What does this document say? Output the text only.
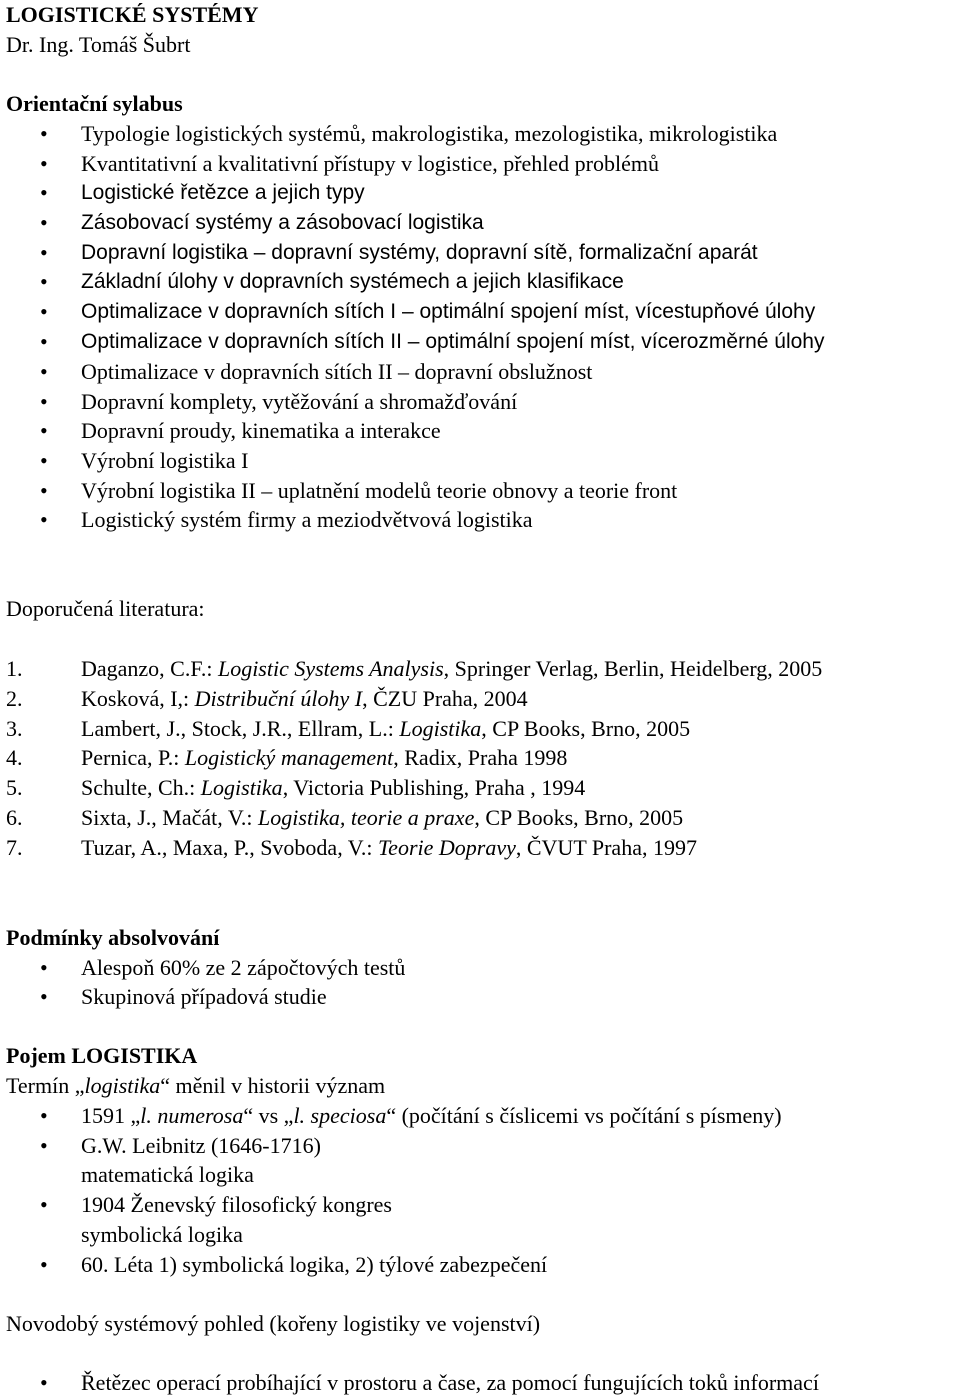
LOGISTICKÉ SYSTÉMY
Dr. Ing. Tomáš Šubrt
Orientační sylabus
• Typologie logistických systémů, makrologistika, mezologistika, mikrologistika
• Kvantitativní a kvalitativní přístupy v logistice, přehled problémů
• Logistické řetězce a jejich typy
• Zásobovací systémy a zásobovací logistika
• Dopravní logistika – dopravní systémy, dopravní sítě, formalizační aparát
• Základní úlohy v dopravních systémech a jejich klasifikace
• Optimalizace v dopravních sítích I – optimální spojení míst, vícestupňové úlohy
• Optimalizace v dopravních sítích II – optimální spojení míst, vícerozměrné úlohy
• Optimalizace v dopravních sítích II – dopravní obslužnost
• Dopravní komplety, vytěžování a shromažďování
• Dopravní proudy, kinematika a interakce
• Výrobní logistika I
• Výrobní logistika II – uplatnění modelů teorie obnovy a teorie front
• Logistický systém firmy a meziodvětvová logistika
Doporučená literatura:
1.	Daganzo, C.F.: Logistic Systems Analysis, Springer Verlag, Berlin, Heidelberg, 2005
2.	Kosková, I,: Distribuční úlohy I, ČZU Praha, 2004
3.	Lambert, J., Stock, J.R., Ellram, L.: Logistika, CP Books, Brno, 2005
4.	Pernica, P.: Logistický management, Radix, Praha 1998
5.	Schulte, Ch.: Logistika, Victoria Publishing, Praha , 1994
6.	Sixta, J., Mačát, V.: Logistika, teorie a praxe, CP Books, Brno, 2005
7.	Tuzar, A., Maxa, P., Svoboda, V.: Teorie Dopravy, ČVUT Praha, 1997
Podmínky absolvování
• Alespoň 60% ze 2 zápočtových testů
• Skupinová případová studie
Pojem LOGISTIKA
Termín „logistika“ měnil v historii význam
• 1591 „l. numerosa“ vs „l. speciosa“ (počítání s číslicemi vs počítání s písmeny)
• G.W. Leibnitz (1646-1716)
matematická logika
• 1904 Ženevský filosofický kongres
symbolická logika
• 60. Léta 1) symbolická logika, 2) týlové zabezpečení
Novodobý systémový pohled (kořeny logistiky ve vojenství)
• Řetězec operací probíhající v prostoru a čase, za pomocí fungujících toků informací
